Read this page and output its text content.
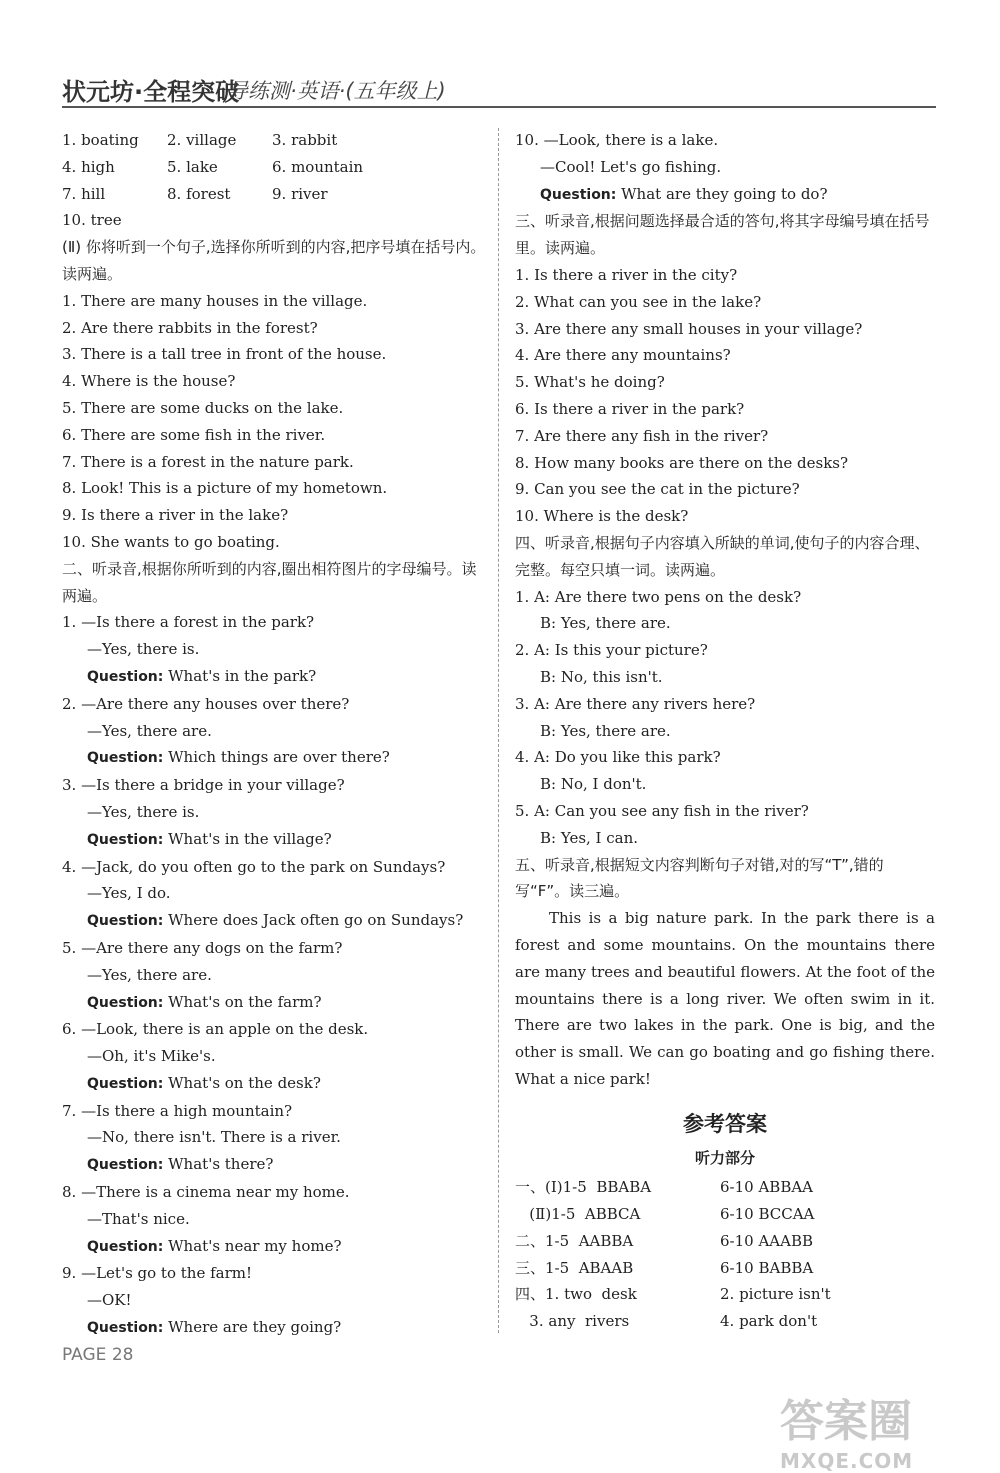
状元坊·全程突破
导练测·英语·(五年级上)
1. boating	2. village	3. rabbit
4. high	5. lake	6. mountain
7. hill	8. forest	9. river
10. tree
(Ⅱ) 你将听到一个句子,选择你所听到的内容,把序号填在括号内。读两遍。
1. There are many houses in the village.
2. Are there rabbits in the forest?
3. There is a tall tree in front of the house.
4. Where is the house?
5. There are some ducks on the lake.
6. There are some fish in the river.
7. There is a forest in the nature park.
8. Look! This is a picture of my hometown.
9. Is there a river in the lake?
10. She wants to go boating.
二、听录音,根据你所听到的内容,圈出相符图片的字母编号。读两遍。
1. —Is there a forest in the park?
—Yes, there is.
Question: What's in the park?
2. —Are there any houses over there?
—Yes, there are.
Question: Which things are over there?
3. —Is there a bridge in your village?
—Yes, there is.
Question: What's in the village?
4. —Jack, do you often go to the park on Sundays?
—Yes, I do.
Question: Where does Jack often go on Sundays?
5. —Are there any dogs on the farm?
—Yes, there are.
Question: What's on the farm?
6. —Look, there is an apple on the desk.
—Oh, it's Mike's.
Question: What's on the desk?
7. —Is there a high mountain?
—No, there isn't. There is a river.
Question: What's there?
8. —There is a cinema near my home.
—That's nice.
Question: What's near my home?
9. —Let's go to the farm!
—OK!
Question: Where are they going?
10. —Look, there is a lake.
—Cool! Let's go fishing.
Question: What are they going to do?
三、听录音,根据问题选择最合适的答句,将其字母编号填在括号里。读两遍。
1. Is there a river in the city?
2. What can you see in the lake?
3. Are there any small houses in your village?
4. Are there any mountains?
5. What's he doing?
6. Is there a river in the park?
7. Are there any fish in the river?
8. How many books are there on the desks?
9. Can you see the cat in the picture?
10. Where is the desk?
四、听录音,根据句子内容填入所缺的单词,使句子的内容合理、完整。每空只填一词。读两遍。
1. A: Are there two pens on the desk?
B: Yes, there are.
2. A: Is this your picture?
B: No, this isn't.
3. A: Are there any rivers here?
B: Yes, there are.
4. A: Do you like this park?
B: No, I don't.
5. A: Can you see any fish in the river?
B: Yes, I can.
五、听录音,根据短文内容判断句子对错,对的写“T”,错的写“F”。读三遍。
This is a big nature park. In the park there is a forest and some mountains. On the mountains there are many trees and beautiful flowers. At the foot of the mountains there is a long river. We often swim in it. There are two lakes in the park. One is big, and the other is small. We can go boating and go fishing there. What a nice park!
参考答案
听力部分
一、(Ⅰ)1-5  BBABA	6-10 ABBAA
(Ⅱ)1-5  ABBCA	6-10 BCCAA
二、1-5  AABBA	6-10 AAABB
三、1-5  ABAAB	6-10 BABBA
四、1. two  desk	2. picture isn't
3. any  rivers	4. park don't
PAGE 28
答案圈
MXQE.COM
